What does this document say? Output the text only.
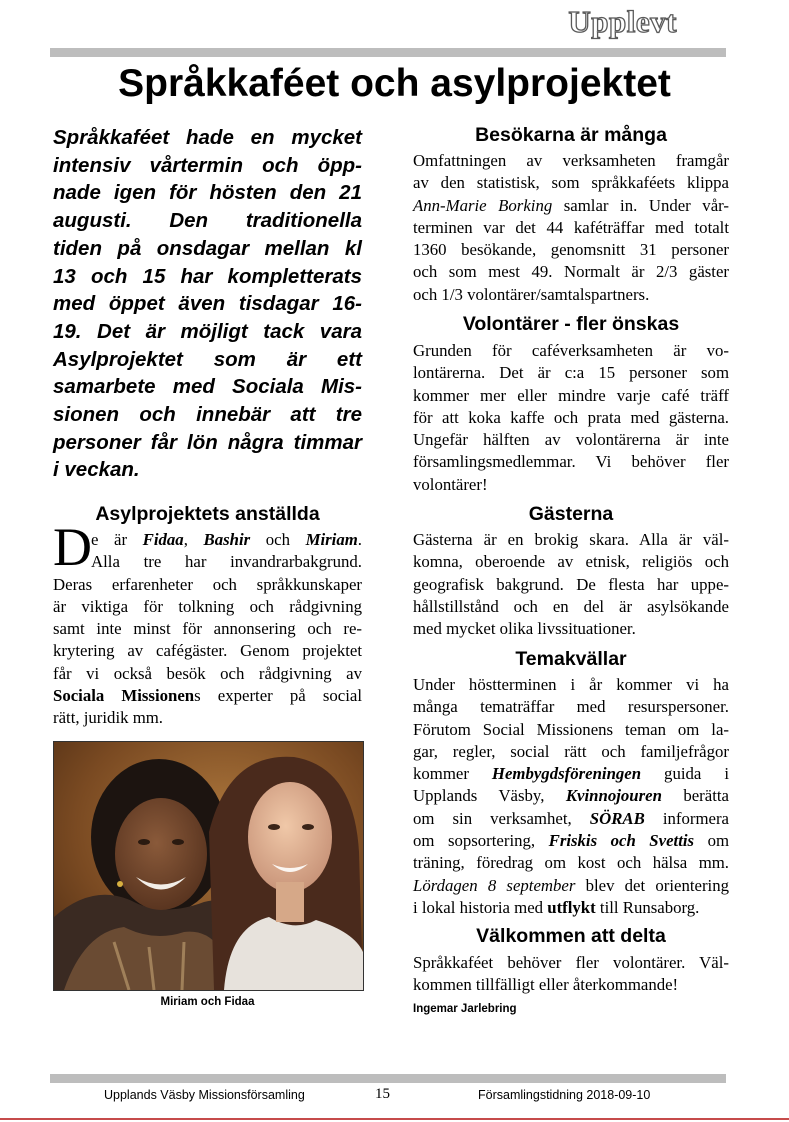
Upplevt
Språkkaféet och asylprojektet
Språkkaféet hade en mycket
intensiv vårtermin och öpp-
nade igen för hösten den 21
augusti. Den traditionella
tiden på onsdagar mellan kl
13 och 15 har kompletterats
med öppet även tisdagar 16-
19. Det är möjligt tack vara
Asylprojektet som är ett
samarbete med Sociala Mis-
sionen och innebär att tre
personer får lön några timmar
i veckan.
Asylprojektets anställda
D e är Fidaa, Bashir och Miriam.
Alla tre har invandrarbakgrund.
Deras erfarenheter och språkkunskaper
är viktiga för tolkning och rådgivning
samt inte minst för annonsering och re-
krytering av cafégäster. Genom projektet
får vi också besök och rådgivning av
Sociala Missionens experter på social
rätt, juridik mm.
Miriam och Fidaa
Besökarna är många
Omfattningen av verksamheten framgår
av den statistisk, som språkkaféets klippa
Ann-Marie Borking samlar in. Under vår-
terminen var det 44 kaféträffar med totalt
1360 besökande, genomsnitt 31 personer
och som mest 49. Normalt är 2/3 gäster
och 1/3 volontärer/samtalspartners.
Volontärer - fler önskas
Grunden för caféverksamheten är vo-
lontärerna. Det är c:a 15 personer som
kommer mer eller mindre varje café träff
för att koka kaffe och prata med gästerna.
Ungefär hälften av volontärerna är inte
församlingsmedlemmar. Vi behöver fler
volontärer!
Gästerna
Gästerna är en brokig skara. Alla är väl-
komna, oberoende av etnisk, religiös och
geografisk bakgrund. De flesta har uppe-
hållstillstånd och en del är asylsökande
med mycket olika livssituationer.
Temakvällar
Under höstterminen i år kommer vi ha
många tematräffar med resurspersoner.
Förutom Social Missionens teman om la-
gar, regler, social rätt och familjefrågor
kommer Hembygdsföreningen guida i
Upplands Väsby, Kvinnojouren berätta
om sin verksamhet, SÖRAB informera
om sopsortering, Friskis och Svettis om
träning, föredrag om kost och hälsa mm.
Lördagen 8 september blev det orientering
i lokal historia med utflykt till Runsaborg.
Välkommen att delta
Språkkaféet behöver fler volontärer. Väl-
kommen tillfälligt eller återkommande!
Ingemar Jarlebring
Upplands Väsby Missionsförsamling	15	Församlingstidning 2018-09-10
